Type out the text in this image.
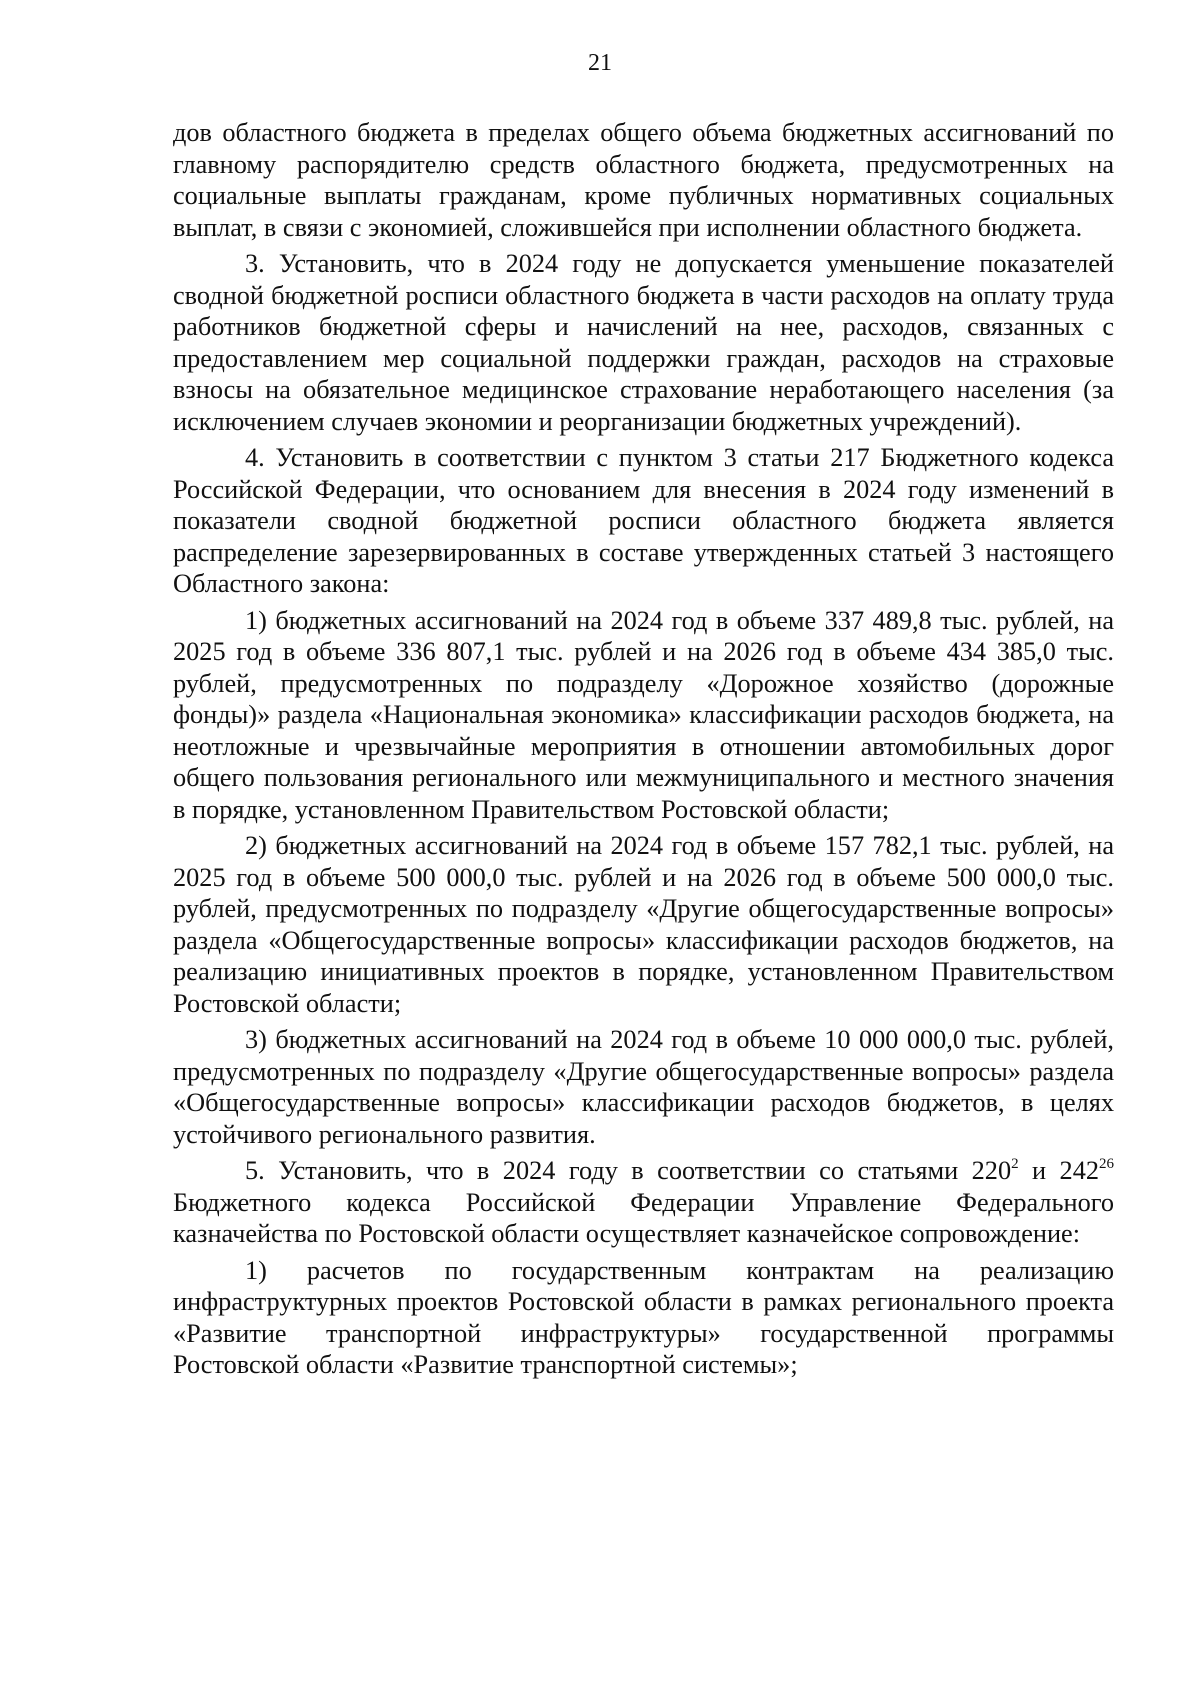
21

дов областного бюджета в пределах общего объема бюджетных ассигнований по главному распорядителю средств областного бюджета, предусмотренных на социальные выплаты гражданам, кроме публичных нормативных социальных выплат, в связи с экономией, сложившейся при исполнении областного бюджета.

3. Установить, что в 2024 году не допускается уменьшение показателей сводной бюджетной росписи областного бюджета в части расходов на оплату труда работников бюджетной сферы и начислений на нее, расходов, связанных с предоставлением мер социальной поддержки граждан, расходов на страховые взносы на обязательное медицинское страхование неработающего населения (за исключением случаев экономии и реорганизации бюджетных учреждений).

4. Установить в соответствии с пунктом 3 статьи 217 Бюджетного кодекса Российской Федерации, что основанием для внесения в 2024 году изменений в показатели сводной бюджетной росписи областного бюджета является распределение зарезервированных в составе утвержденных статьей 3 настоящего Областного закона:

1) бюджетных ассигнований на 2024 год в объеме 337 489,8 тыс. рублей, на 2025 год в объеме 336 807,1 тыс. рублей и на 2026 год в объеме 434 385,0 тыс. рублей, предусмотренных по подразделу «Дорожное хозяйство (дорожные фонды)» раздела «Национальная экономика» классификации расходов бюджета, на неотложные и чрезвычайные мероприятия в отношении автомобильных дорог общего пользования регионального или межмуниципального и местного значения в порядке, установленном Правительством Ростовской области;

2) бюджетных ассигнований на 2024 год в объеме 157 782,1 тыс. рублей, на 2025 год в объеме 500 000,0 тыс. рублей и на 2026 год в объеме 500 000,0 тыс. рублей, предусмотренных по подразделу «Другие общегосударственные вопросы» раздела «Общегосударственные вопросы» классификации расходов бюджетов, на реализацию инициативных проектов в порядке, установленном Правительством Ростовской области;

3) бюджетных ассигнований на 2024 год в объеме 10 000 000,0 тыс. рублей, предусмотренных по подразделу «Другие общегосударственные вопросы» раздела «Общегосударственные вопросы» классификации расходов бюджетов, в целях устойчивого регионального развития.

5. Установить, что в 2024 году в соответствии со статьями $220^2$ и $242^{26}$ Бюджетного кодекса Российской Федерации Управление Федерального казначейства по Ростовской области осуществляет казначейское сопровождение:

1) расчетов по государственным контрактам на реализацию инфраструктурных проектов Ростовской области в рамках регионального проекта «Развитие транспортной инфраструктуры» государственной программы Ростовской области «Развитие транспортной системы»;
